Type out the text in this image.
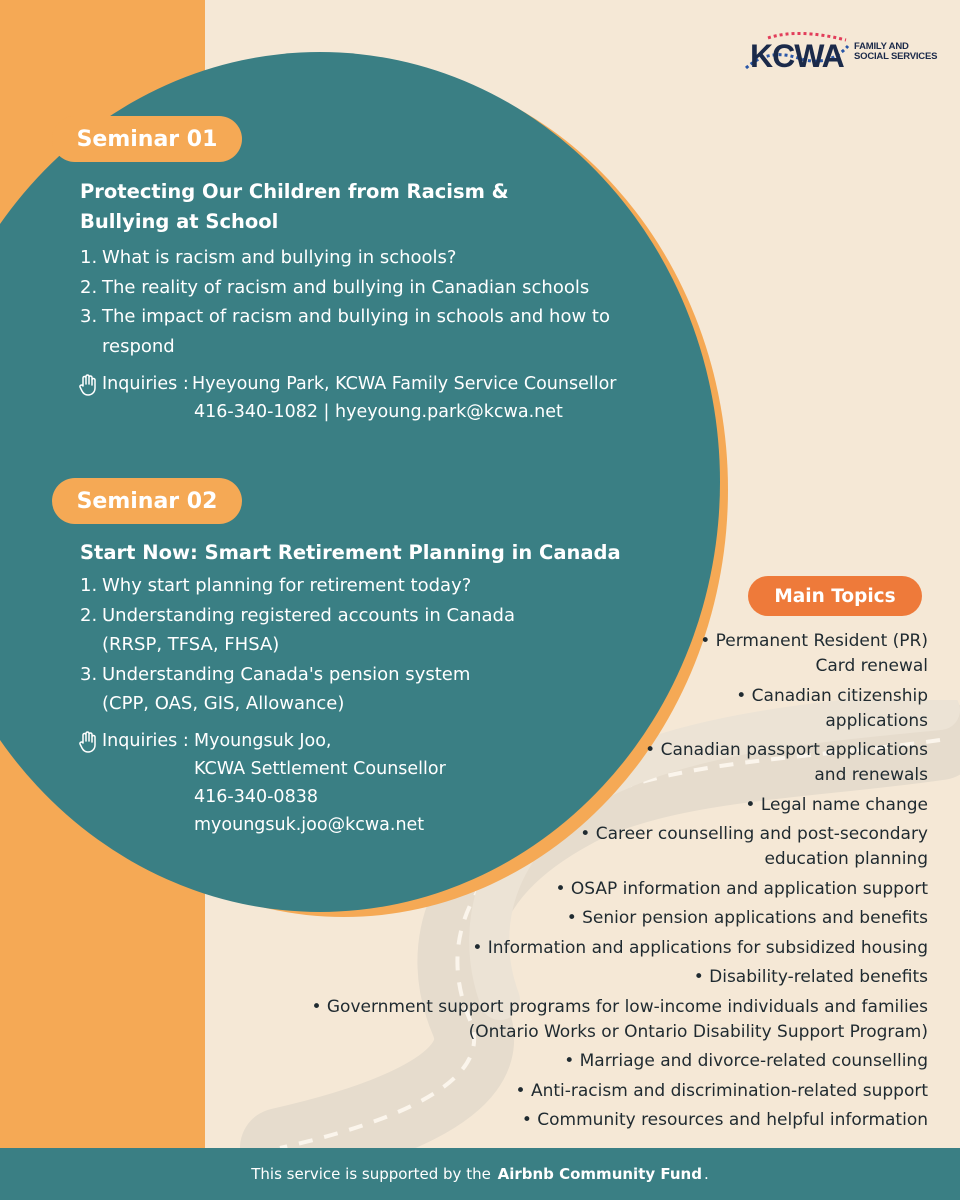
KCWA FAMILY AND SOCIAL SERVICES
Seminar 01
Protecting Our Children from Racism & Bullying at School
1. What is racism and bullying in schools?
2. The reality of racism and bullying in Canadian schools
3. The impact of racism and bullying in schools and how to respond
Inquiries : Hyeyoung Park, KCWA Family Service Counsellor
416-340-1082 | hyeyoung.park@kcwa.net
Seminar 02
Start Now: Smart Retirement Planning in Canada
1. Why start planning for retirement today?
2. Understanding registered accounts in Canada (RRSP, TFSA, FHSA)
3. Understanding Canada's pension system (CPP, OAS, GIS, Allowance)
Inquiries : Myoungsuk Joo,
KCWA Settlement Counsellor
416-340-0838
myoungsuk.joo@kcwa.net
Main Topics
• Permanent Resident (PR)
Card renewal
• Canadian citizenship
applications
• Canadian passport applications
and renewals
• Legal name change
• Career counselling and post-secondary
education planning
• OSAP information and application support
• Senior pension applications and benefits
• Information and applications for subsidized housing
• Disability-related benefits
• Government support programs for low-income individuals and families
(Ontario Works or Ontario Disability Support Program)
• Marriage and divorce-related counselling
• Anti-racism and discrimination-related support
• Community resources and helpful information
This service is supported by the
Airbnb Community Fund .
